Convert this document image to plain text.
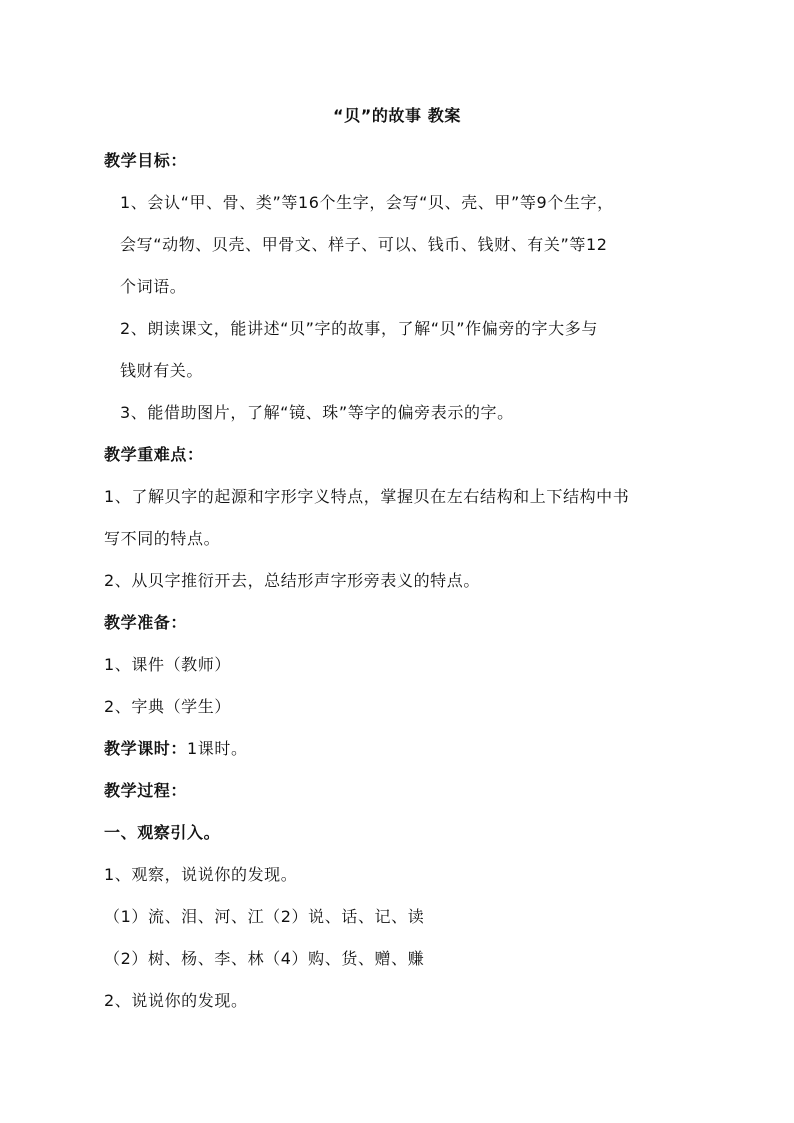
“贝”的故事 教案
教学目标：
1、会认“甲、骨、类”等16个生字，会写“贝、壳、甲”等9个生字，
会写“动物、贝壳、甲骨文、样子、可以、钱币、钱财、有关”等12
个词语。
2、朗读课文，能讲述“贝”字的故事，了解“贝”作偏旁的字大多与
钱财有关。
3、能借助图片，了解“镜、珠”等字的偏旁表示的字。
教学重难点：
1、了解贝字的起源和字形字义特点，掌握贝在左右结构和上下结构中书
写不同的特点。
2、从贝字推衍开去，总结形声字形旁表义的特点。
教学准备：
1、课件（教师）
2、字典（学生）
教学课时：1课时。
教学过程：
一、观察引入。
1、观察，说说你的发现。
（1）流、泪、河、江（2）说、话、记、读
（2）树、杨、李、林（4）购、货、赠、赚
2、说说你的发现。
